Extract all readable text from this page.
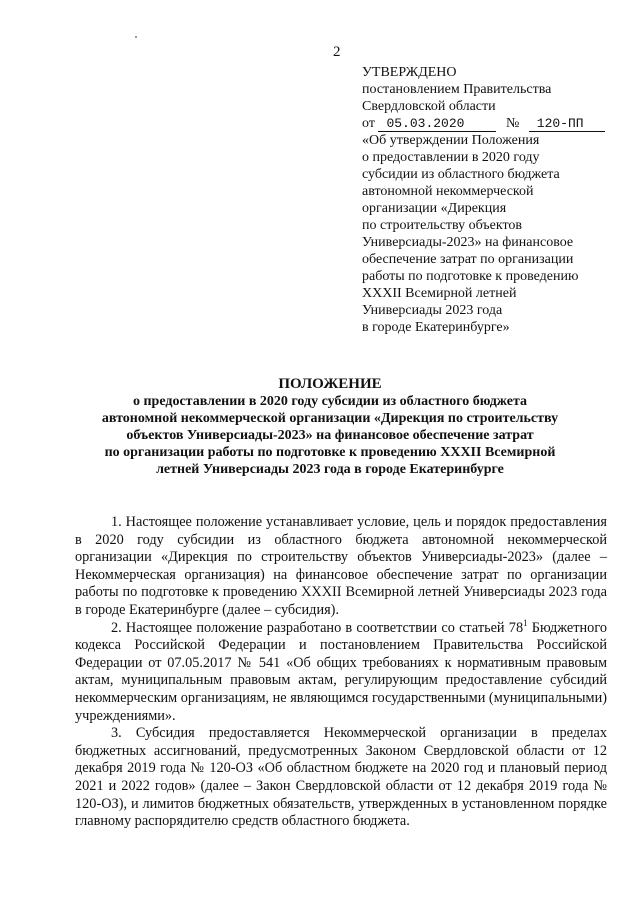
2
УТВЕРЖДЕНО
постановлением Правительства
Свердловской области
от 05.03.2020	№ 120-ПП
«Об утверждении Положения
о предоставлении в 2020 году
субсидии из областного бюджета
автономной некоммерческой
организации «Дирекция
по строительству объектов
Универсиады-2023» на финансовое
обеспечение затрат по организации
работы по подготовке к проведению
XXXII Всемирной летней
Универсиады 2023 года
в городе Екатеринбурге»
ПОЛОЖЕНИЕ
о предоставлении в 2020 году субсидии из областного бюджета
автономной некоммерческой организации «Дирекция по строительству
объектов Универсиады-2023» на финансовое обеспечение затрат
по организации работы по подготовке к проведению XXXII Всемирной
летней Универсиады 2023 года в городе Екатеринбурге

1. Настоящее положение устанавливает условие, цель и порядок предоставления в 2020 году субсидии из областного бюджета автономной некоммерческой организации «Дирекция по строительству объектов Универсиады-2023» (далее – Некоммерческая организация) на финансовое обеспечение затрат по организации работы по подготовке к проведению XXXII Всемирной летней Универсиады 2023 года в городе Екатеринбурге (далее – субсидия).

2. Настоящее положение разработано в соответствии со статьей $78^1$ Бюджетного кодекса Российской Федерации и постановлением Правительства Российской Федерации от 07.05.2017 № 541 «Об общих требованиях к нормативным правовым актам, муниципальным правовым актам, регулирующим предоставление субсидий некоммерческим организациям, не являющимся государственными (муниципальными) учреждениями».

3. Субсидия предоставляется Некоммерческой организации в пределах бюджетных ассигнований, предусмотренных Законом Свердловской области от 12 декабря 2019 года № 120-ОЗ «Об областном бюджете на 2020 год и плановый период 2021 и 2022 годов» (далее – Закон Свердловской области от 12 декабря 2019 года № 120-ОЗ), и лимитов бюджетных обязательств, утвержденных в установленном порядке главному распорядителю средств областного бюджета.
